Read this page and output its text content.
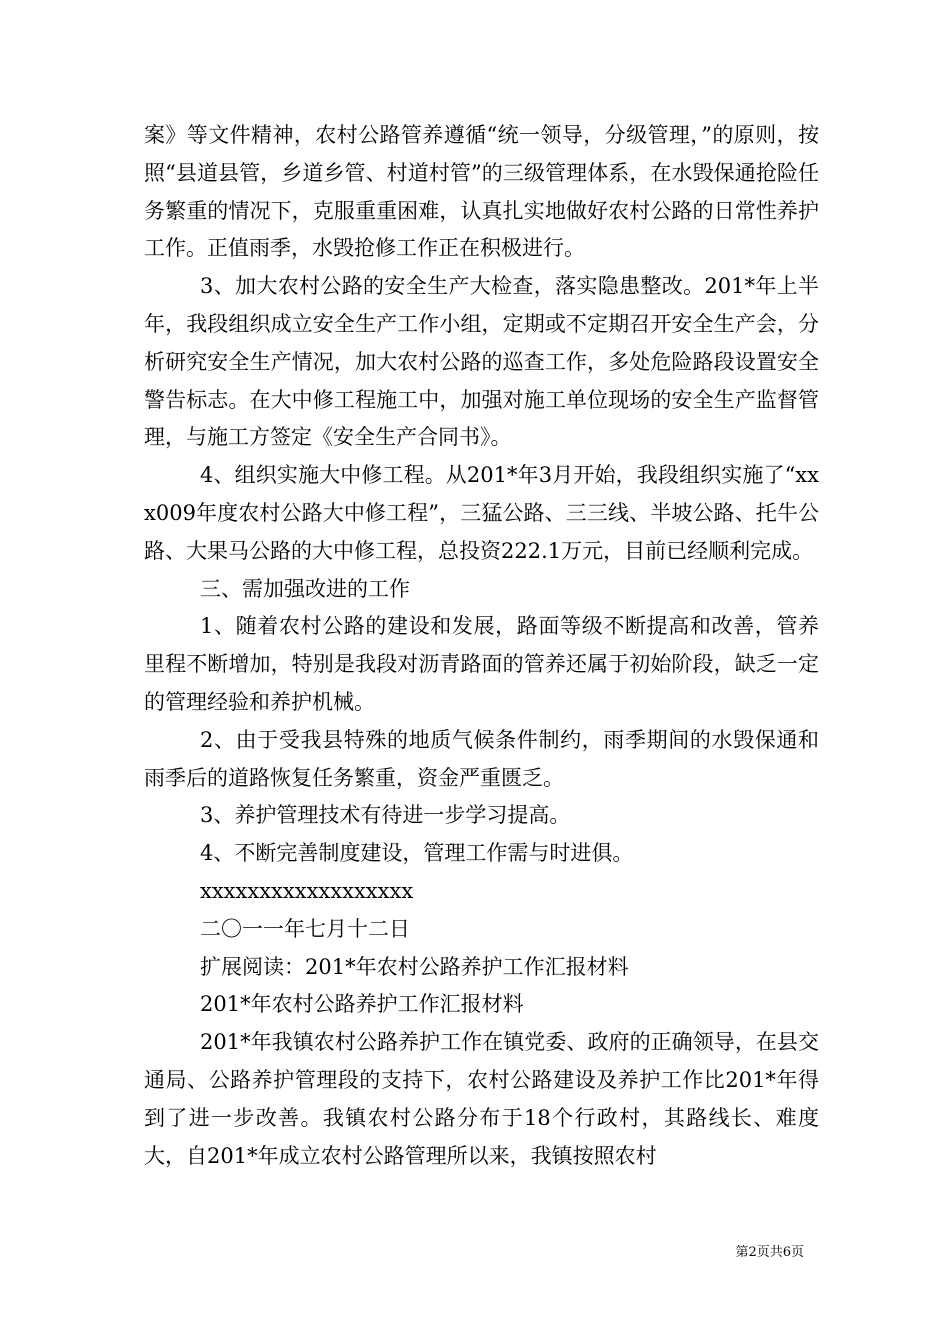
案》等文件精神，农村公路管养遵循“统一领导，分级管理，”的原则，按照“县道县管，乡道乡管、村道村管”的三级管理体系，在水毁保通抢险任务繁重的情况下，克服重重困难，认真扎实地做好农村公路的日常性养护工作。正值雨季，水毁抢修工作正在积极进行。

3、加大农村公路的安全生产大检查，落实隐患整改。201*年上半年，我段组织成立安全生产工作小组，定期或不定期召开安全生产会，分析研究安全生产情况，加大农村公路的巡查工作，多处危险路段设置安全警告标志。在大中修工程施工中，加强对施工单位现场的安全生产监督管理，与施工方签定《安全生产合同书》。

4、组织实施大中修工程。从201*年3月开始，我段组织实施了“xxx009年度农村公路大中修工程”，三猛公路、三三线、半坡公路、托牛公路、大果马公路的大中修工程，总投资222.1万元，目前已经顺利完成。

三、需加强改进的工作

1、随着农村公路的建设和发展，路面等级不断提高和改善，管养里程不断增加，特别是我段对沥青路面的管养还属于初始阶段，缺乏一定的管理经验和养护机械。

2、由于受我县特殊的地质气候条件制约，雨季期间的水毁保通和雨季后的道路恢复任务繁重，资金严重匮乏。

3、养护管理技术有待进一步学习提高。

4、不断完善制度建设，管理工作需与时进俱。

xxxxxxxxxxxxxxxxxx

二〇一一年七月十二日

扩展阅读：201*年农村公路养护工作汇报材料

201*年农村公路养护工作汇报材料

201*年我镇农村公路养护工作在镇党委、政府的正确领导，在县交通局、公路养护管理段的支持下，农村公路建设及养护工作比201*年得到了进一步改善。我镇农村公路分布于18个行政村，其路线长、难度大，自201*年成立农村公路管理所以来，我镇按照农村

第2页共6页
